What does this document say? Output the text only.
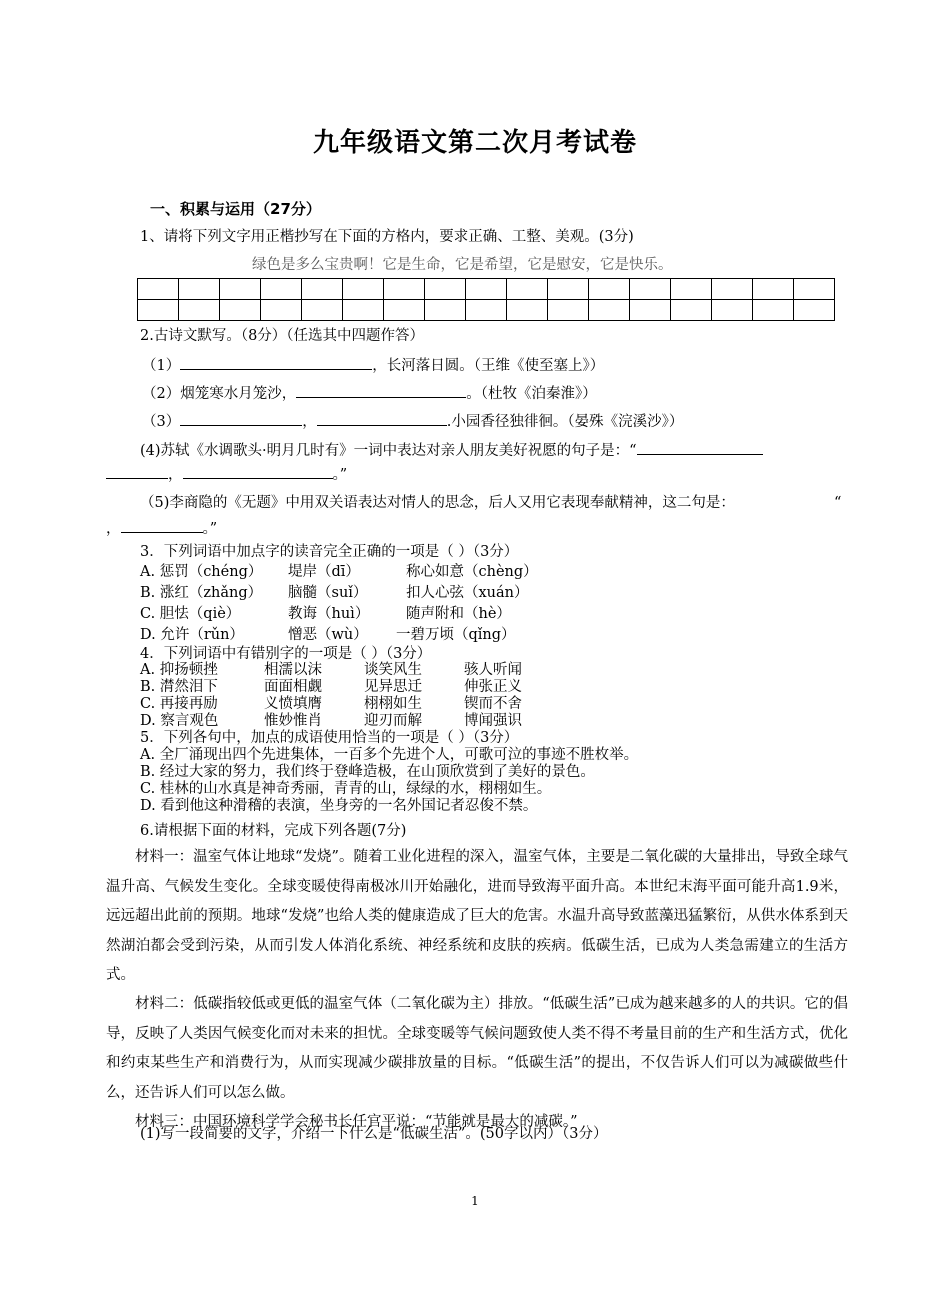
九年级语文第二次月考试卷
一、积累与运用（27分）
1、请将下列文字用正楷抄写在下面的方格内，要求正确、工整、美观。(3分)
绿色是多么宝贵啊！它是生命，它是希望，它是慰安，它是快乐。

2.古诗文默写。（8分）（任选其中四题作答）
（1）	，长河落日圆。（王维《使至塞上》）
（2）烟笼寒水月笼沙，	。（杜牧《泊秦淮》）
（3）	，	.小园香径独徘徊。（晏殊《浣溪沙》）
(4)苏轼《水调歌头·明月几时有》一词中表达对亲人朋友美好祝愿的句子是：“
，	。”
（5)李商隐的《无题》中用双关语表达对情人的思念，后人又用它表现奉献精神，这二句是：	“
，	。”
3．下列词语中加点字的读音完全正确的一项是（ ）（3分）
A. 惩罚（chéng） 堤岸（dī）	称心如意（chèng）
B. 涨红（zhǎng） 脑髓（suǐ）	扣人心弦（xuán）
C. 胆怯（qiè）	教诲（huì）	随声附和（hè）
D. 允许（rǔn）	憎恶（wù） 一碧万顷（qǐng）
4．下列词语中有错别字的一项是（ ）（3分）
A. 抑扬顿挫	相濡以沫	谈笑风生	骇人听闻
B. 潸然泪下	面面相觑	见异思迁	伸张正义
C. 再接再励	义愤填膺	栩栩如生	锲而不舍
D. 察言观色	惟妙惟肖	迎刃而解	博闻强识
5．下列各句中，加点的成语使用恰当的一项是（ ）（3分）
A. 全厂涌现出四个先进集体，一百多个先进个人，可歌可泣的事迹不胜枚举。
B. 经过大家的努力，我们终于登峰造极，在山顶欣赏到了美好的景色。
C. 桂林的山水真是神奇秀丽，青青的山，绿绿的水，栩栩如生。
D. 看到他这种滑稽的表演，坐身旁的一名外国记者忍俊不禁。
6.请根据下面的材料，完成下列各题(7分)
材料一：温室气体让地球“发烧”。随着工业化进程的深入，温室气体，主要是二氧化碳的大量排出，导致全球气温升高、气候发生变化。全球变暖使得南极冰川开始融化，进而导致海平面升高。本世纪末海平面可能升高1.9米，远远超出此前的预期。地球“发烧”也给人类的健康造成了巨大的危害。水温升高导致蓝藻迅猛繁衍，从供水体系到天然湖泊都会受到污染，从而引发人体消化系统、神经系统和皮肤的疾病。低碳生活，已成为人类急需建立的生活方式。
材料二：低碳指较低或更低的温室气体（二氧化碳为主）排放。“低碳生活”已成为越来越多的人的共识。它的倡导，反映了人类因气候变化而对未来的担忧。全球变暖等气候问题致使人类不得不考量目前的生产和生活方式，优化和约束某些生产和消费行为，从而实现减少碳排放量的目标。“低碳生活”的提出，不仅告诉人们可以为减碳做些什么，还告诉人们可以怎么做。
材料三：中国环境科学学会秘书长任官平说：“节能就是最大的减碳。”
(1)写一段简要的文字，介绍一下什么是“低碳生活”。(50字以内）（3分）
1
